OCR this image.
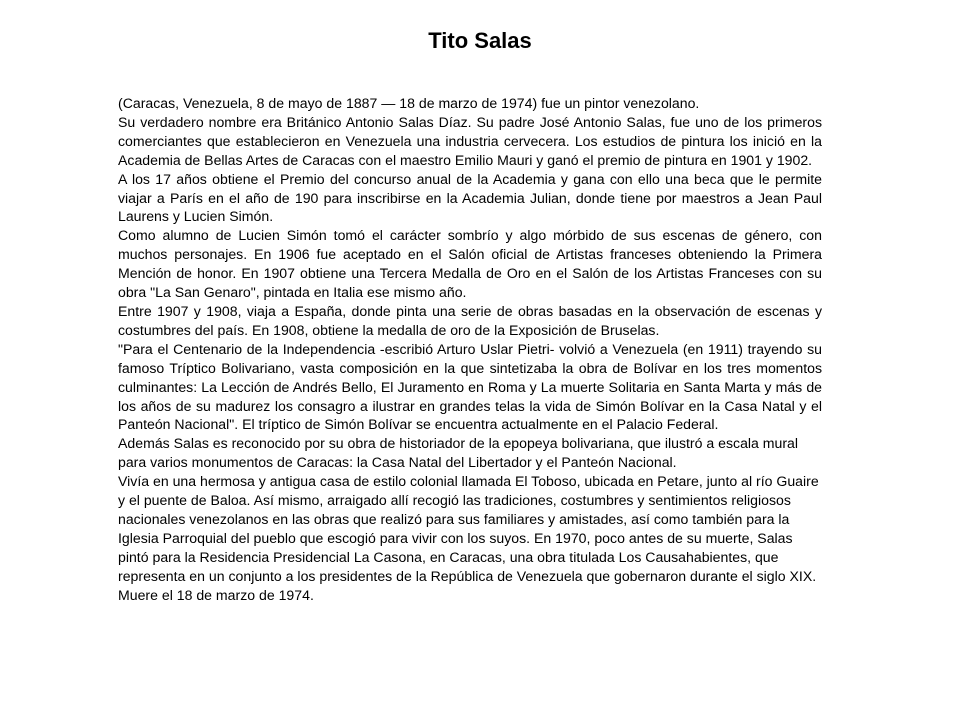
Tito Salas

(Caracas, Venezuela, 8 de mayo de 1887 — 18 de marzo de 1974) fue un pintor venezolano.

Su verdadero nombre era Británico Antonio Salas Díaz. Su padre José Antonio Salas, fue uno de los primeros comerciantes que establecieron en Venezuela una industria cervecera. Los estudios de pintura los inició en la Academia de Bellas Artes de Caracas con el maestro Emilio Mauri y ganó el premio de pintura en 1901 y 1902.

A los 17 años obtiene el Premio del concurso anual de la Academia y gana con ello una beca que le permite viajar a París en el año de 190 para inscribirse en la Academia Julian, donde tiene por maestros a Jean Paul Laurens y Lucien Simón.

Como alumno de Lucien Simón tomó el carácter sombrío y algo mórbido de sus escenas de género, con muchos personajes. En 1906 fue aceptado en el Salón oficial de Artistas franceses obteniendo la Primera Mención de honor. En 1907 obtiene una Tercera Medalla de Oro en el Salón de los Artistas Franceses con su obra "La San Genaro", pintada en Italia ese mismo año.

Entre 1907 y 1908, viaja a España, donde pinta una serie de obras basadas en la observación de escenas y costumbres del país. En 1908, obtiene la medalla de oro de la Exposición de Bruselas.

"Para el Centenario de la Independencia -escribió Arturo Uslar Pietri- volvió a Venezuela (en 1911) trayendo su famoso Tríptico Bolivariano, vasta composición en la que sintetizaba la obra de Bolívar en los tres momentos culminantes: La Lección de Andrés Bello, El Juramento en Roma y La muerte Solitaria en Santa Marta y más de los años de su madurez los consagro a ilustrar en grandes telas la vida de Simón Bolívar en la Casa Natal y el Panteón Nacional". El tríptico de Simón Bolívar se encuentra actualmente en el Palacio Federal.

Además Salas es reconocido por su obra de historiador de la epopeya bolivariana, que ilustró a escala mural para varios monumentos de Caracas: la Casa Natal del Libertador y el Panteón Nacional.

Vivía en una hermosa y antigua casa de estilo colonial llamada El Toboso, ubicada en Petare, junto al río Guaire y el puente de Baloa. Así mismo, arraigado allí recogió las tradiciones, costumbres y sentimientos religiosos nacionales venezolanos en las obras que realizó para sus familiares y amistades, así como también para la Iglesia Parroquial del pueblo que escogió para vivir con los suyos. En 1970, poco antes de su muerte, Salas pintó para la Residencia Presidencial La Casona, en Caracas, una obra titulada Los Causahabientes, que representa en un conjunto a los presidentes de la República de Venezuela que gobernaron durante el siglo XIX. Muere el 18 de marzo de 1974.
